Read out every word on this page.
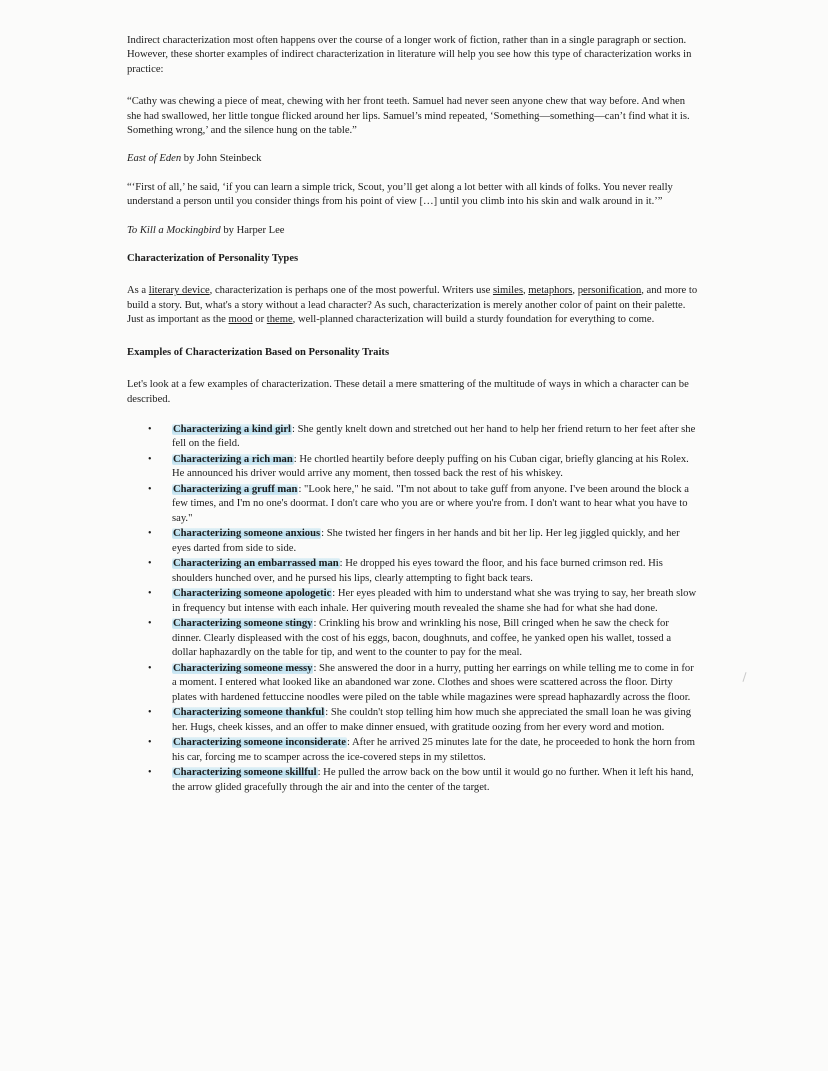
Indirect characterization most often happens over the course of a longer work of fiction, rather than in a single paragraph or section. However, these shorter examples of indirect characterization in literature will help you see how this type of characterization works in practice:

“Cathy was chewing a piece of meat, chewing with her front teeth. Samuel had never seen anyone chew that way before. And when she had swallowed, her little tongue flicked around her lips. Samuel’s mind repeated, ‘Something—something—can’t find what it is. Something wrong,’ and the silence hung on the table.”

East of Eden by John Steinbeck

“‘First of all,’ he said, ‘if you can learn a simple trick, Scout, you’ll get along a lot better with all kinds of folks. You never really understand a person until you consider things from his point of view […] until you climb into his skin and walk around in it.’”

To Kill a Mockingbird by Harper Lee

Characterization of Personality Types

As a literary device, characterization is perhaps one of the most powerful. Writers use similes, metaphors, personification, and more to build a story. But, what's a story without a lead character? As such, characterization is merely another color of paint on their palette. Just as important as the mood or theme, well-planned characterization will build a sturdy foundation for everything to come.

Examples of Characterization Based on Personality Traits

Let's look at a few examples of characterization. These detail a mere smattering of the multitude of ways in which a character can be described.

• Characterizing a kind girl: She gently knelt down and stretched out her hand to help her friend return to her feet after she fell on the field.
• Characterizing a rich man: He chortled heartily before deeply puffing on his Cuban cigar, briefly glancing at his Rolex. He announced his driver would arrive any moment, then tossed back the rest of his whiskey.
• Characterizing a gruff man: "Look here," he said. "I'm not about to take guff from anyone. I've been around the block a few times, and I'm no one's doormat. I don't care who you are or where you're from. I don't want to hear what you have to say."
• Characterizing someone anxious: She twisted her fingers in her hands and bit her lip. Her leg jiggled quickly, and her eyes darted from side to side.
• Characterizing an embarrassed man: He dropped his eyes toward the floor, and his face burned crimson red. His shoulders hunched over, and he pursed his lips, clearly attempting to fight back tears.
• Characterizing someone apologetic: Her eyes pleaded with him to understand what she was trying to say, her breath slow in frequency but intense with each inhale. Her quivering mouth revealed the shame she had for what she had done.
• Characterizing someone stingy: Crinkling his brow and wrinkling his nose, Bill cringed when he saw the check for dinner. Clearly displeased with the cost of his eggs, bacon, doughnuts, and coffee, he yanked open his wallet, tossed a dollar haphazardly on the table for tip, and went to the counter to pay for the meal.
• Characterizing someone messy: She answered the door in a hurry, putting her earrings on while telling me to come in for a moment. I entered what looked like an abandoned war zone. Clothes and shoes were scattered across the floor. Dirty plates with hardened fettuccine noodles were piled on the table while magazines were spread haphazardly across the floor.
• Characterizing someone thankful: She couldn't stop telling him how much she appreciated the small loan he was giving her. Hugs, cheek kisses, and an offer to make dinner ensued, with gratitude oozing from her every word and motion.
• Characterizing someone inconsiderate: After he arrived 25 minutes late for the date, he proceeded to honk the horn from his car, forcing me to scamper across the ice-covered steps in my stilettos.
• Characterizing someone skillful: He pulled the arrow back on the bow until it would go no further. When it left his hand, the arrow glided gracefully through the air and into the center of the target.
